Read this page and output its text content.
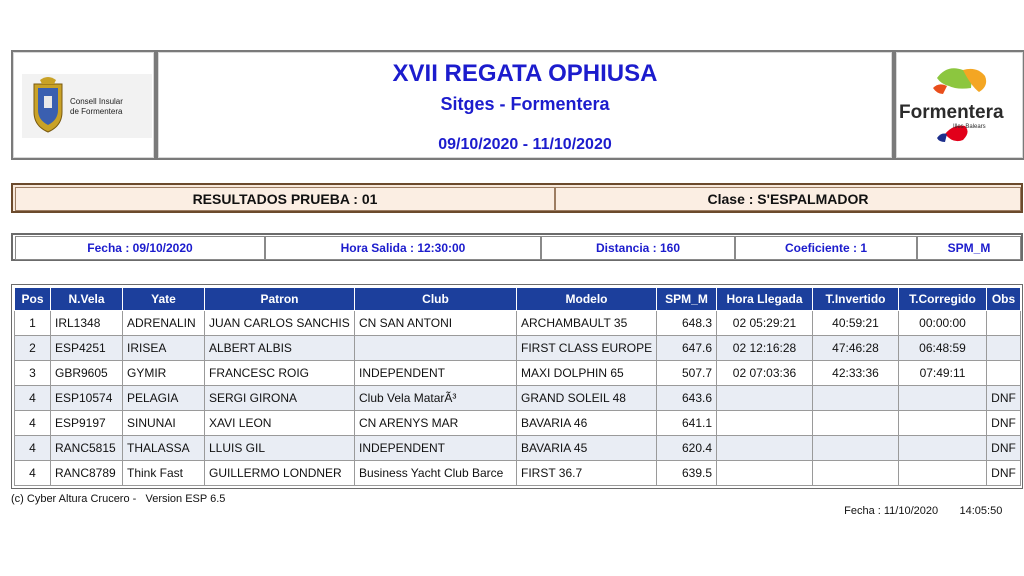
Consell Insular
de Formentera
XVII REGATA OPHIUSA
Sitges - Formentera
09/10/2020 - 11/10/2020
Formentera
Illes Balears
RESULTADOS PRUEBA : 01	Clase : S'ESPALMADOR
Fecha : 09/10/2020	Hora Salida : 12:30:00	Distancia : 160	Coeficiente : 1	SPM_M
Pos	N.Vela	Yate	Patron	Club	Modelo	SPM_M	Hora Llegada	T.Invertido	T.Corregido	Obs
1	IRL1348	ADRENALIN	JUAN CARLOS SANCHIS	CN SAN ANTONI	ARCHAMBAULT 35	648.3	02 05:29:21	40:59:21	00:00:00	
2	ESP4251	IRISEA	ALBERT ALBIS		FIRST CLASS EUROPE	647.6	02 12:16:28	47:46:28	06:48:59	
3	GBR9605	GYMIR	FRANCESC ROIG	INDEPENDENT	MAXI DOLPHIN 65	507.7	02 07:03:36	42:33:36	07:49:11	
4	ESP10574	PELAGIA	SERGI GIRONA	Club Vela MatarÃ³	GRAND SOLEIL 48	643.6				DNF
4	ESP9197	SINUNAI	XAVI LEON	CN ARENYS MAR	BAVARIA 46	641.1				DNF
4	RANC5815	THALASSA	LLUIS GIL	INDEPENDENT	BAVARIA 45	620.4				DNF
4	RANC8789	Think Fast	GUILLERMO LONDNER	Business Yacht Club Barce	FIRST 36.7	639.5				DNF
(c) Cyber Altura Crucero -   Version ESP 6.5

Fecha : 11/10/2020 14:05:50
